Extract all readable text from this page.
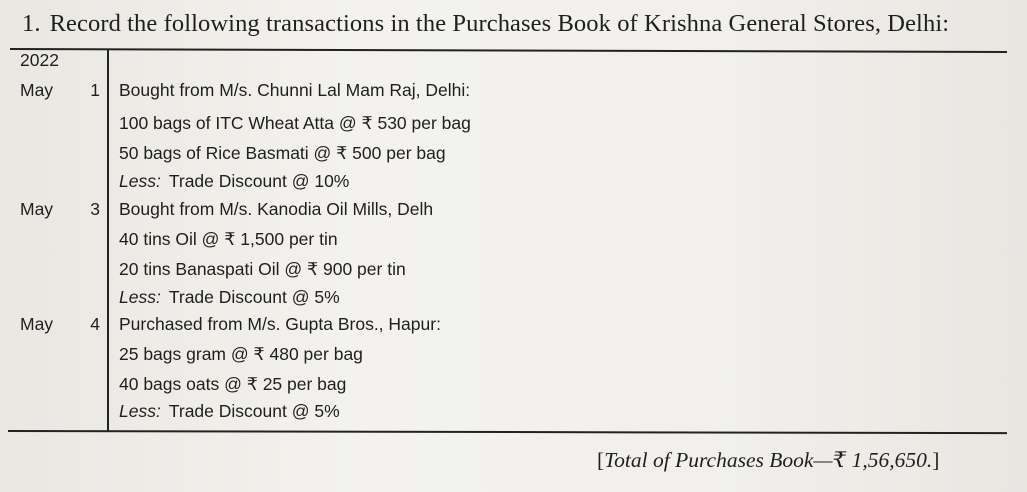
1. Record the following transactions in the Purchases Book of Krishna General Stores, Delhi:
2022
May	1 Bought from M/s. Chunni Lal Mam Raj, Delhi:
100 bags of ITC Wheat Atta @ ₹ 530 per bag
50 bags of Rice Basmati @ ₹ 500 per bag
Less: Trade Discount @ 10%
May	3 Bought from M/s. Kanodia Oil Mills, Delh
40 tins Oil @ ₹ 1,500 per tin
20 tins Banaspati Oil @ ₹ 900 per tin
Less: Trade Discount @ 5%
May	4 Purchased from M/s. Gupta Bros., Hapur:
25 bags gram @ ₹ 480 per bag
40 bags oats @ ₹ 25 per bag
Less: Trade Discount @ 5%
[Total of Purchases Book—₹ 1,56,650.]
